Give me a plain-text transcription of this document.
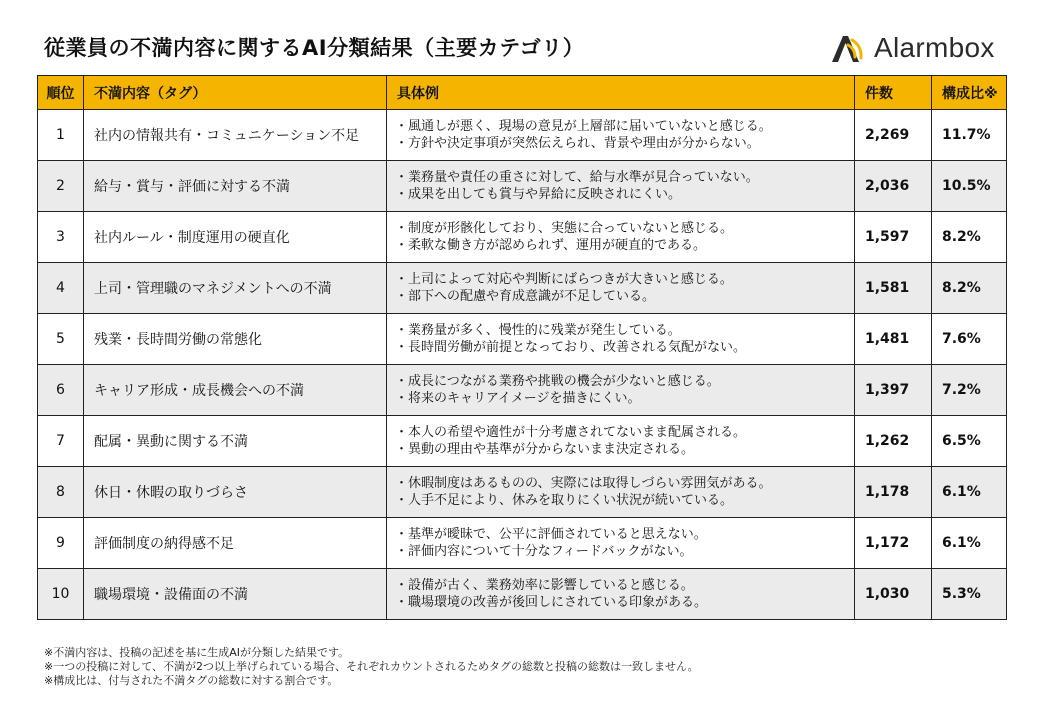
従業員の不満内容に関するAI分類結果（主要カテゴリ）	Alarmbox
順位	不満内容（タグ）	具体例	件数	構成比※
1	社内の情報共有・コミュニケーション不足	・風通しが悪く、現場の意見が上層部に届いていないと感じる。
・方針や決定事項が突然伝えられ、背景や理由が分からない。	2,269	11.7%
2	給与・賞与・評価に対する不満	・業務量や責任の重さに対して、給与水準が見合っていない。
・成果を出しても賞与や昇給に反映されにくい。	2,036	10.5%
3	社内ルール・制度運用の硬直化	・制度が形骸化しており、実態に合っていないと感じる。
・柔軟な働き方が認められず、運用が硬直的である。	1,597	8.2%
4	上司・管理職のマネジメントへの不満	・上司によって対応や判断にばらつきが大きいと感じる。
・部下への配慮や育成意識が不足している。	1,581	8.2%
5	残業・長時間労働の常態化	・業務量が多く、慢性的に残業が発生している。
・長時間労働が前提となっており、改善される気配がない。	1,481	7.6%
6	キャリア形成・成長機会への不満	・成長につながる業務や挑戦の機会が少ないと感じる。
・将来のキャリアイメージを描きにくい。	1,397	7.2%
7	配属・異動に関する不満	・本人の希望や適性が十分考慮されてないまま配属される。
・異動の理由や基準が分からないまま決定される。	1,262	6.5%
8	休日・休暇の取りづらさ	・休暇制度はあるものの、実際には取得しづらい雰囲気がある。
・人手不足により、休みを取りにくい状況が続いている。	1,178	6.1%
9	評価制度の納得感不足	・基準が曖昧で、公平に評価されていると思えない。
・評価内容について十分なフィードバックがない。	1,172	6.1%
10	職場環境・設備面の不満	・設備が古く、業務効率に影響していると感じる。
・職場環境の改善が後回しにされている印象がある。	1,030	5.3%
※不満内容は、投稿の記述を基に生成AIが分類した結果です。
※一つの投稿に対して、不満が2つ以上挙げられている場合、それぞれカウントされるためタグの総数と投稿の総数は一致しません。
※構成比は、付与された不満タグの総数に対する割合です。
